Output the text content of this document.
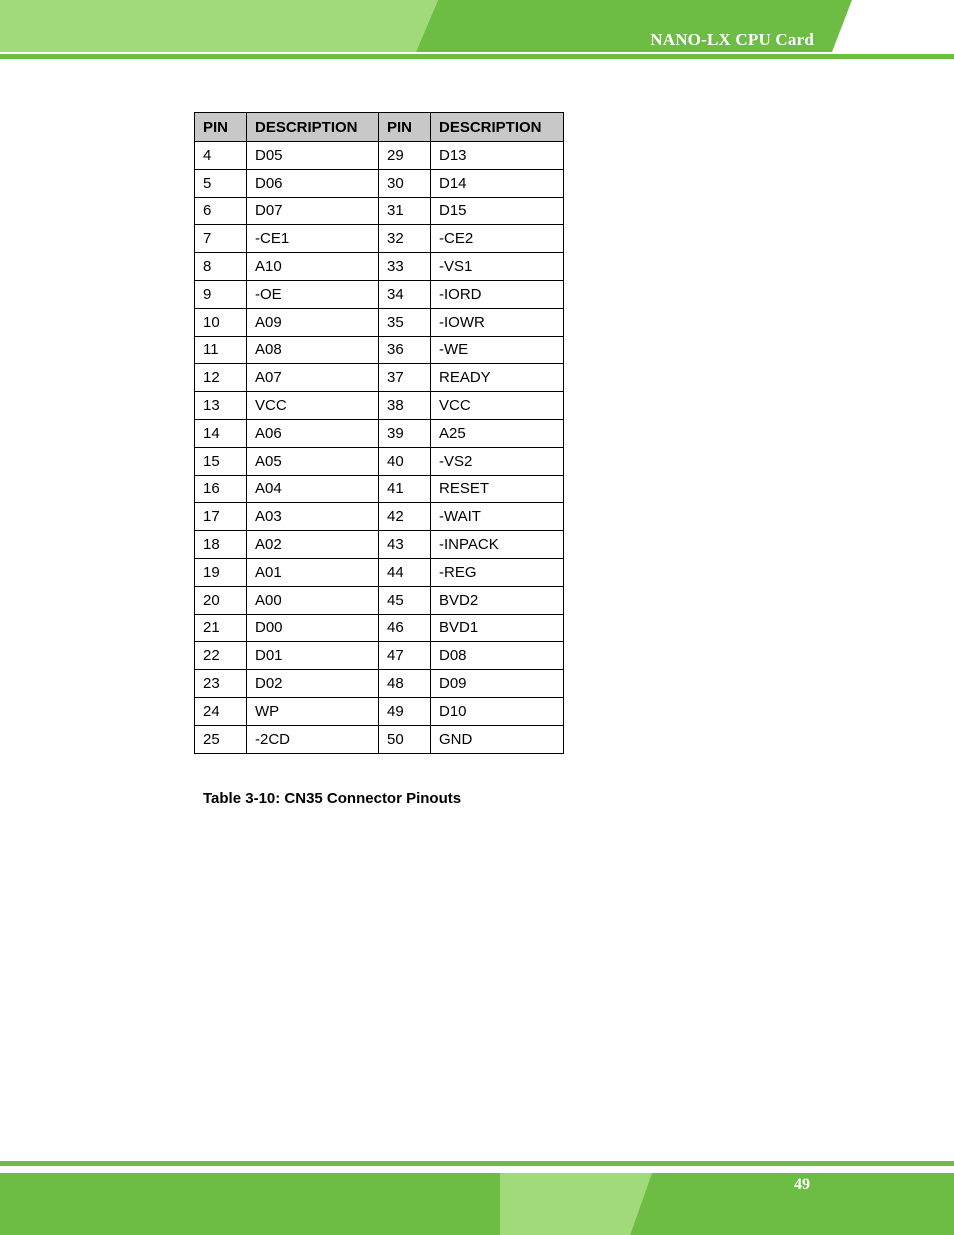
NANO-LX CPU Card
PIN	DESCRIPTION	PIN	DESCRIPTION
4	D05	29	D13
5	D06	30	D14
6	D07	31	D15
7	-CE1	32	-CE2
8	A10	33	-VS1
9	-OE	34	-IORD
10	A09	35	-IOWR
11	A08	36	-WE
12	A07	37	READY
13	VCC	38	VCC
14	A06	39	A25
15	A05	40	-VS2
16	A04	41	RESET
17	A03	42	-WAIT
18	A02	43	-INPACK
19	A01	44	-REG
20	A00	45	BVD2
21	D00	46	BVD1
22	D01	47	D08
23	D02	48	D09
24	WP	49	D10
25	-2CD	50	GND
Table 3-10: CN35 Connector Pinouts
49
